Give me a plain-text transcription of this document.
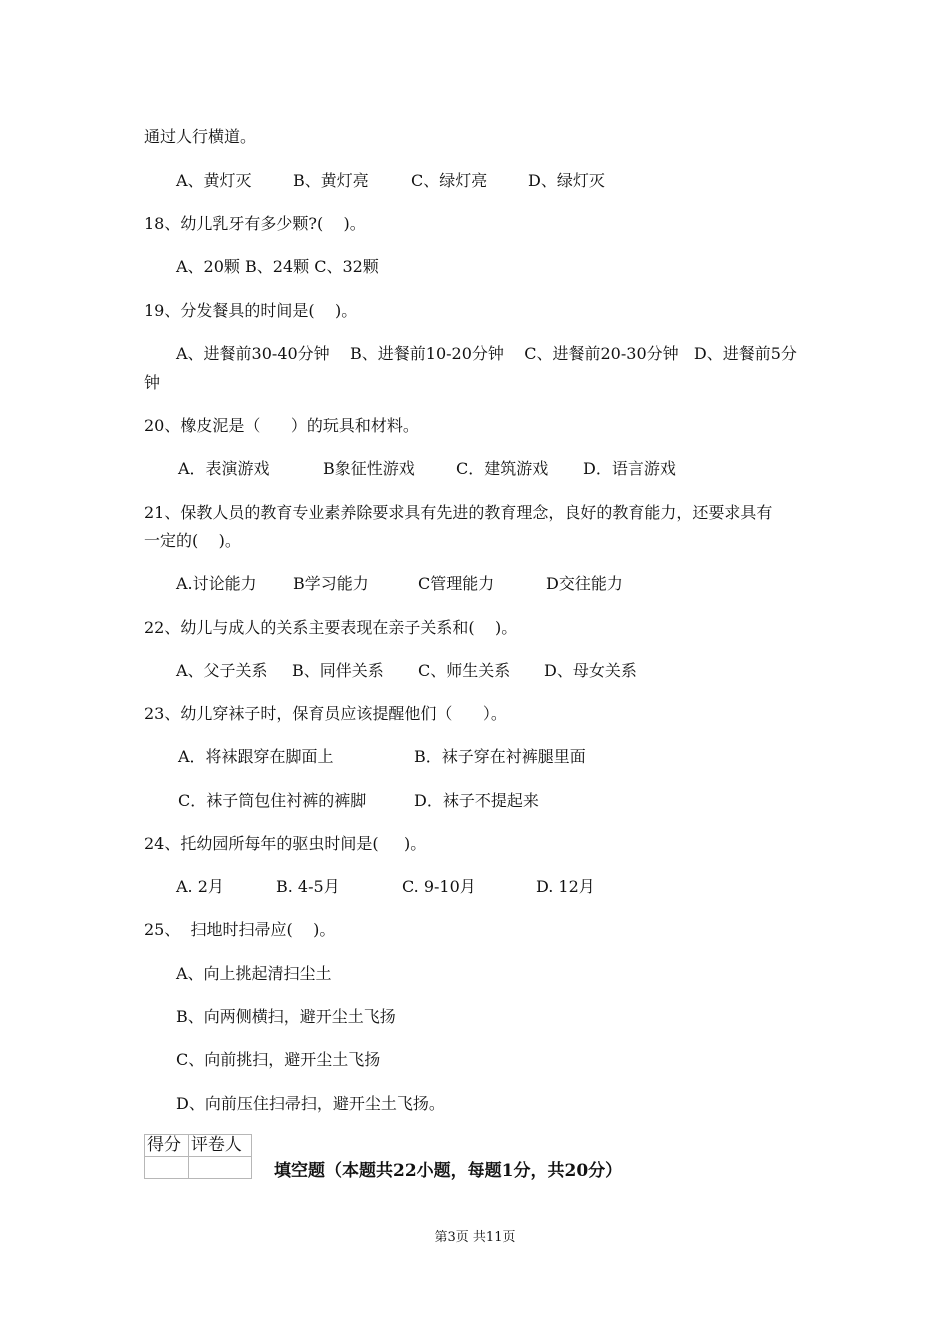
通过人行横道。
A、黄灯灭	B、黄灯亮	C、绿灯亮	D、绿灯灭
18、幼儿乳牙有多少颗?(    )。
A、20颗 B、24颗 C、32颗
19、分发餐具的时间是(    )。
A、进餐前30-40分钟    B、进餐前10-20分钟    C、进餐前20-30分钟   D、进餐前5分
钟
20、橡皮泥是（      ）的玩具和材料。
A．表演游戏	B象征性游戏	C．建筑游戏	D．语言游戏
21、保教人员的教育专业素养除要求具有先进的教育理念，良好的教育能力，还要求具有
一定的(    )。
A.讨论能力	B学习能力	C管理能力	D交往能力
22、幼儿与成人的关系主要表现在亲子关系和(    )。
A、父子关系	B、同伴关系	C、师生关系	D、母女关系
23、幼儿穿袜子时，保育员应该提醒他们（      ）。
A．将袜跟穿在脚面上	B．袜子穿在衬裤腿里面
C．袜子筒包住衬裤的裤脚	D．袜子不提起来
24、托幼园所每年的驱虫时间是(     )。
A. 2月	B. 4-5月	C. 9-10月	D. 12月
25、  扫地时扫帚应(    )。
A、向上挑起清扫尘土
B、向两侧横扫，避开尘土飞扬
C、向前挑扫，避开尘土飞扬
D、向前压住扫帚扫，避开尘土飞扬。
得分	评卷人

填空题（本题共22小题，每题1分，共20分）
第3页 共11页
